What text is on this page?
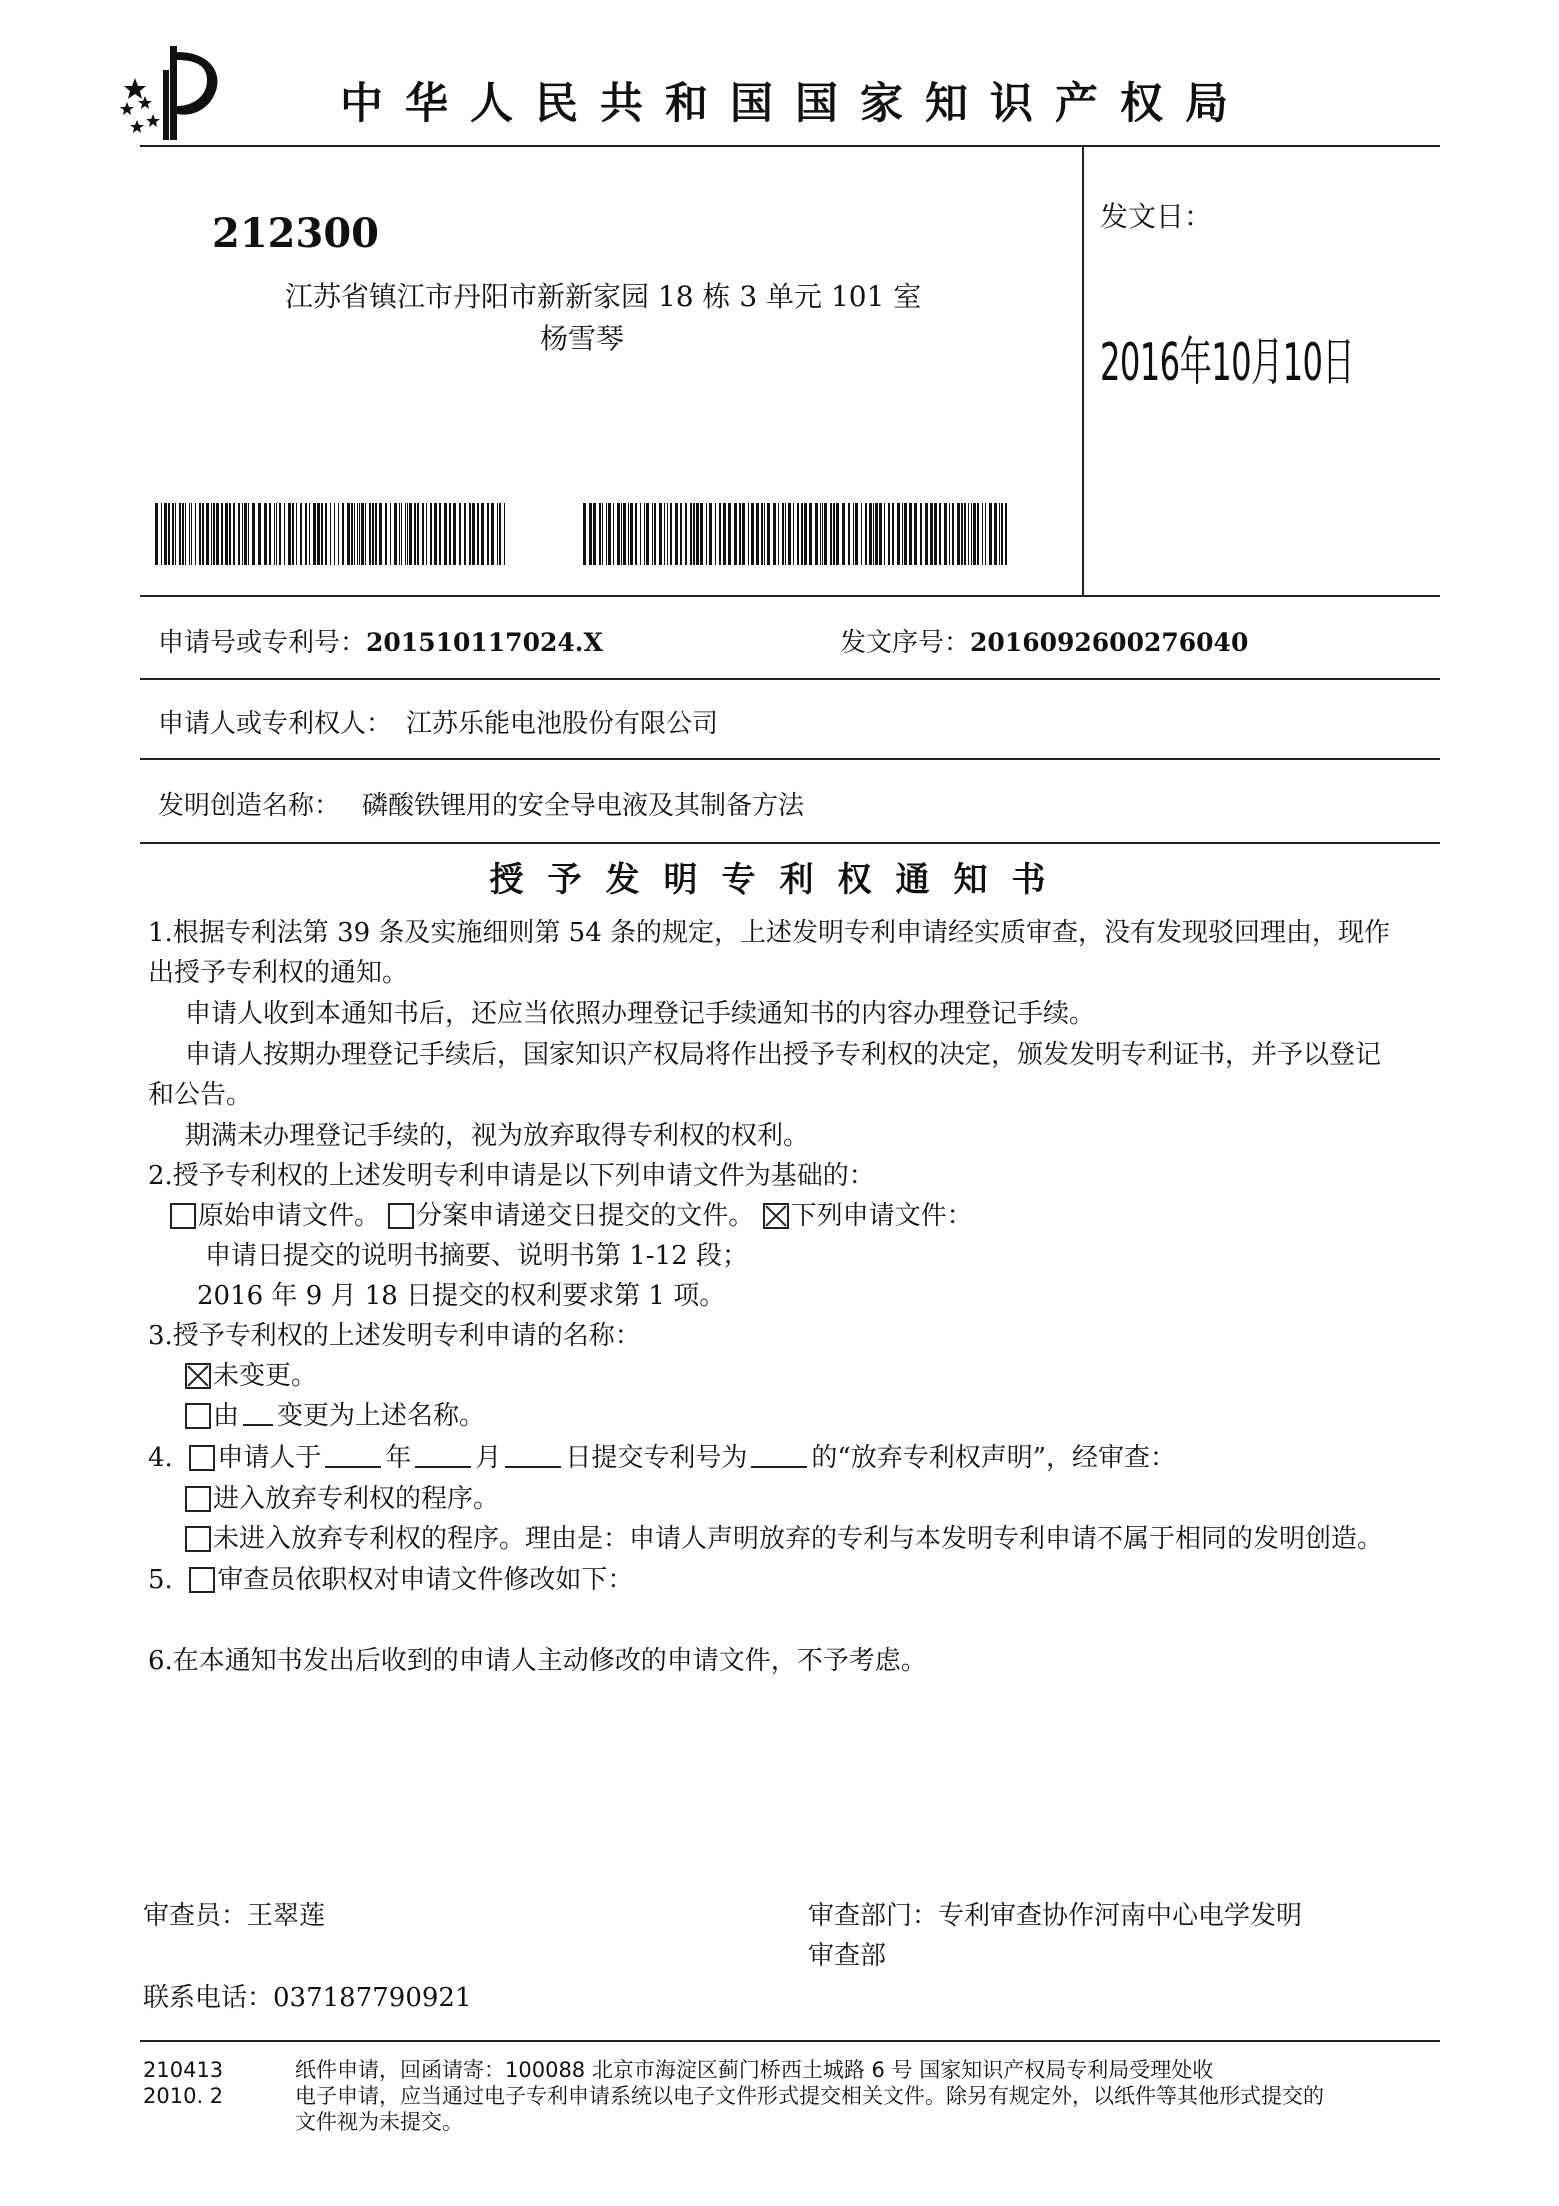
中华人民共和国国家知识产权局
212300
江苏省镇江市丹阳市新新家园 18 栋 3 单元 101 室
杨雪琴
发文日：
2016年10月10日
申请号或专利号：201510117024.X	发文序号：2016092600276040
申请人或专利权人： 江苏乐能电池股份有限公司
发明创造名称： 磷酸铁锂用的安全导电液及其制备方法
授予发明专利权通知书
1.根据专利法第 39 条及实施细则第 54 条的规定，上述发明专利申请经实质审查，没有发现驳回理由，现作
出授予专利权的通知。
申请人收到本通知书后，还应当依照办理登记手续通知书的内容办理登记手续。
申请人按期办理登记手续后，国家知识产权局将作出授予专利权的决定，颁发发明专利证书，并予以登记
和公告。
期满未办理登记手续的，视为放弃取得专利权的权利。
2.授予专利权的上述发明专利申请是以下列申请文件为基础的：
原始申请文件。 分案申请递交日提交的文件。 下列申请文件：
申请日提交的说明书摘要、说明书第 1-12 段；
2016 年 9 月 18 日提交的权利要求第 1 项。
3.授予专利权的上述发明专利申请的名称：
未变更。
由 变更为上述名称。
4. 申请人于 年 月 日提交专利号为 的“放弃专利权声明”，经审查：
进入放弃专利权的程序。
未进入放弃专利权的程序。理由是：申请人声明放弃的专利与本发明专利申请不属于相同的发明创造。
5. 审查员依职权对申请文件修改如下：
6.在本通知书发出后收到的申请人主动修改的申请文件，不予考虑。
审查员：王翠莲
联系电话：037187790921
审查部门：专利审查协作河南中心电学发明
审查部
210413
2010. 2
纸件申请，回函请寄：100088 北京市海淀区蓟门桥西土城路 6 号 国家知识产权局专利局受理处收
电子申请，应当通过电子专利申请系统以电子文件形式提交相关文件。除另有规定外，以纸件等其他形式提交的
文件视为未提交。
